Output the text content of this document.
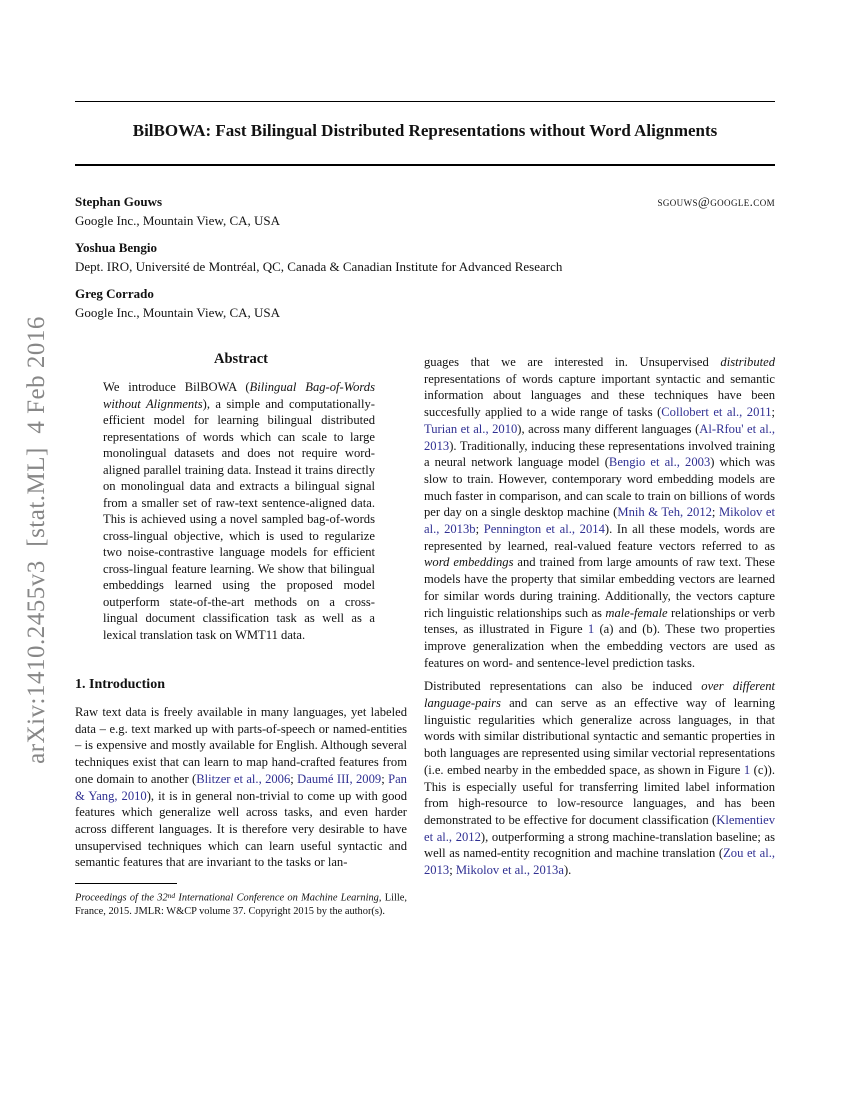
arXiv:1410.2455v3  [stat.ML]  4 Feb 2016
BilBOWA: Fast Bilingual Distributed Representations without Word Alignments
Stephan Gouws	sgouws@google.com
Google Inc., Mountain View, CA, USA
Yoshua Bengio
Dept. IRO, Université de Montréal, QC, Canada & Canadian Institute for Advanced Research
Greg Corrado
Google Inc., Mountain View, CA, USA
Abstract
We introduce BilBOWA (Bilingual Bag-of-Words without Alignments), a simple and computationally-efficient model for learning bilingual distributed representations of words which can scale to large monolingual datasets and does not require word-aligned parallel training data. Instead it trains directly on monolingual data and extracts a bilingual signal from a smaller set of raw-text sentence-aligned data. This is achieved using a novel sampled bag-of-words cross-lingual objective, which is used to regularize two noise-contrastive language models for efficient cross-lingual feature learning. We show that bilingual embeddings learned using the proposed model outperform state-of-the-art methods on a cross-lingual document classification task as well as a lexical translation task on WMT11 data.
1. Introduction

Raw text data is freely available in many languages, yet labeled data – e.g. text marked up with parts-of-speech or named-entities – is expensive and mostly available for English. Although several techniques exist that can learn to map hand-crafted features from one domain to another (Blitzer et al., 2006; Daumé III, 2009; Pan & Yang, 2010), it is in general non-trivial to come up with good features which generalize well across tasks, and even harder across different languages. It is therefore very desirable to have unsupervised techniques which can learn useful syntactic and semantic features that are invariant to the tasks or lan-

Proceedings of the 32nd International Conference on Machine Learning, Lille, France, 2015. JMLR: W&CP volume 37. Copyright 2015 by the author(s).

guages that we are interested in. Unsupervised distributed representations of words capture important syntactic and semantic information about languages and these techniques have been succesfully applied to a wide range of tasks (Collobert et al., 2011; Turian et al., 2010), across many different languages (Al-Rfou' et al., 2013). Traditionally, inducing these representations involved training a neural network language model (Bengio et al., 2003) which was slow to train. However, contemporary word embedding models are much faster in comparison, and can scale to train on billions of words per day on a single desktop machine (Mnih & Teh, 2012; Mikolov et al., 2013b; Pennington et al., 2014). In all these models, words are represented by learned, real-valued feature vectors referred to as word embeddings and trained from large amounts of raw text. These models have the property that similar embedding vectors are learned for similar words during training. Additionally, the vectors capture rich linguistic relationships such as male-female relationships or verb tenses, as illustrated in Figure 1 (a) and (b). These two properties improve generalization when the embedding vectors are used as features on word- and sentence-level prediction tasks.

Distributed representations can also be induced over different language-pairs and can serve as an effective way of learning linguistic regularities which generalize across languages, in that words with similar distributional syntactic and semantic properties in both languages are represented using similar vectorial representations (i.e. embed nearby in the embedded space, as shown in Figure 1 (c)). This is especially useful for transferring limited label information from high-resource to low-resource languages, and has been demonstrated to be effective for document classification (Klementiev et al., 2012), outperforming a strong machine-translation baseline; as well as named-entity recognition and machine translation (Zou et al., 2013; Mikolov et al., 2013a).
